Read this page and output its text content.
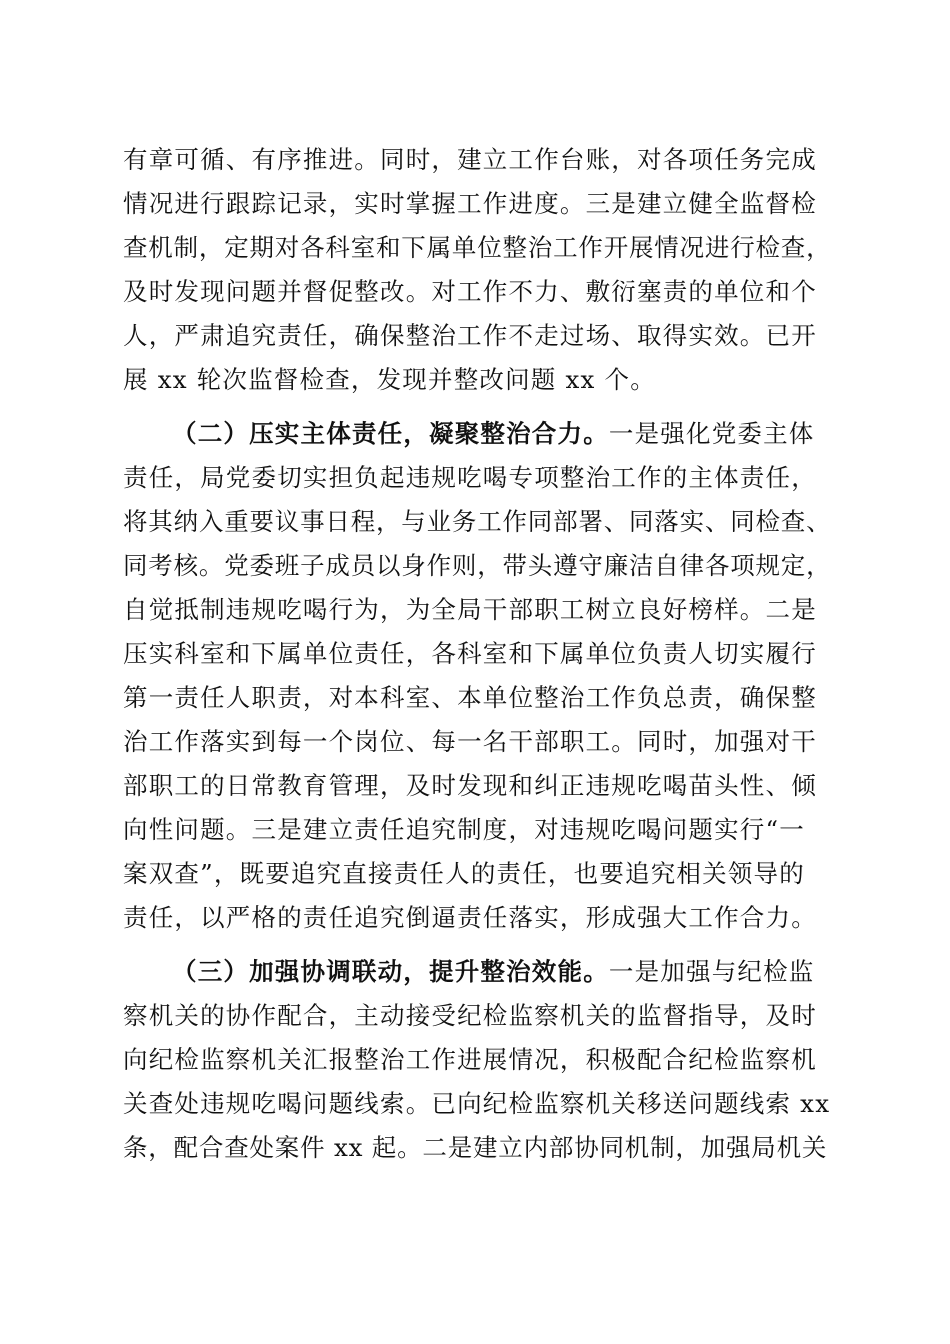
有章可循、有序推进。同时，建立工作台账，对各项任务完成
情况进行跟踪记录，实时掌握工作进度。三是建立健全监督检
查机制，定期对各科室和下属单位整治工作开展情况进行检查，
及时发现问题并督促整改。对工作不力、敷衍塞责的单位和个
人，严肃追究责任，确保整治工作不走过场、取得实效。已开
展 xx 轮次监督检查，发现并整改问题 xx 个。
（二）压实主体责任，凝聚整治合力。一是强化党委主体
责任，局党委切实担负起违规吃喝专项整治工作的主体责任，
将其纳入重要议事日程，与业务工作同部署、同落实、同检查、
同考核。党委班子成员以身作则，带头遵守廉洁自律各项规定，
自觉抵制违规吃喝行为，为全局干部职工树立良好榜样。二是
压实科室和下属单位责任，各科室和下属单位负责人切实履行
第一责任人职责，对本科室、本单位整治工作负总责，确保整
治工作落实到每一个岗位、每一名干部职工。同时，加强对干
部职工的日常教育管理，及时发现和纠正违规吃喝苗头性、倾
向性问题。三是建立责任追究制度，对违规吃喝问题实行“一
案双查”，既要追究直接责任人的责任，也要追究相关领导的
责任，以严格的责任追究倒逼责任落实，形成强大工作合力。
（三）加强协调联动，提升整治效能。一是加强与纪检监
察机关的协作配合，主动接受纪检监察机关的监督指导，及时
向纪检监察机关汇报整治工作进展情况，积极配合纪检监察机
关查处违规吃喝问题线索。已向纪检监察机关移送问题线索 xx
条，配合查处案件 xx 起。二是建立内部协同机制，加强局机关
